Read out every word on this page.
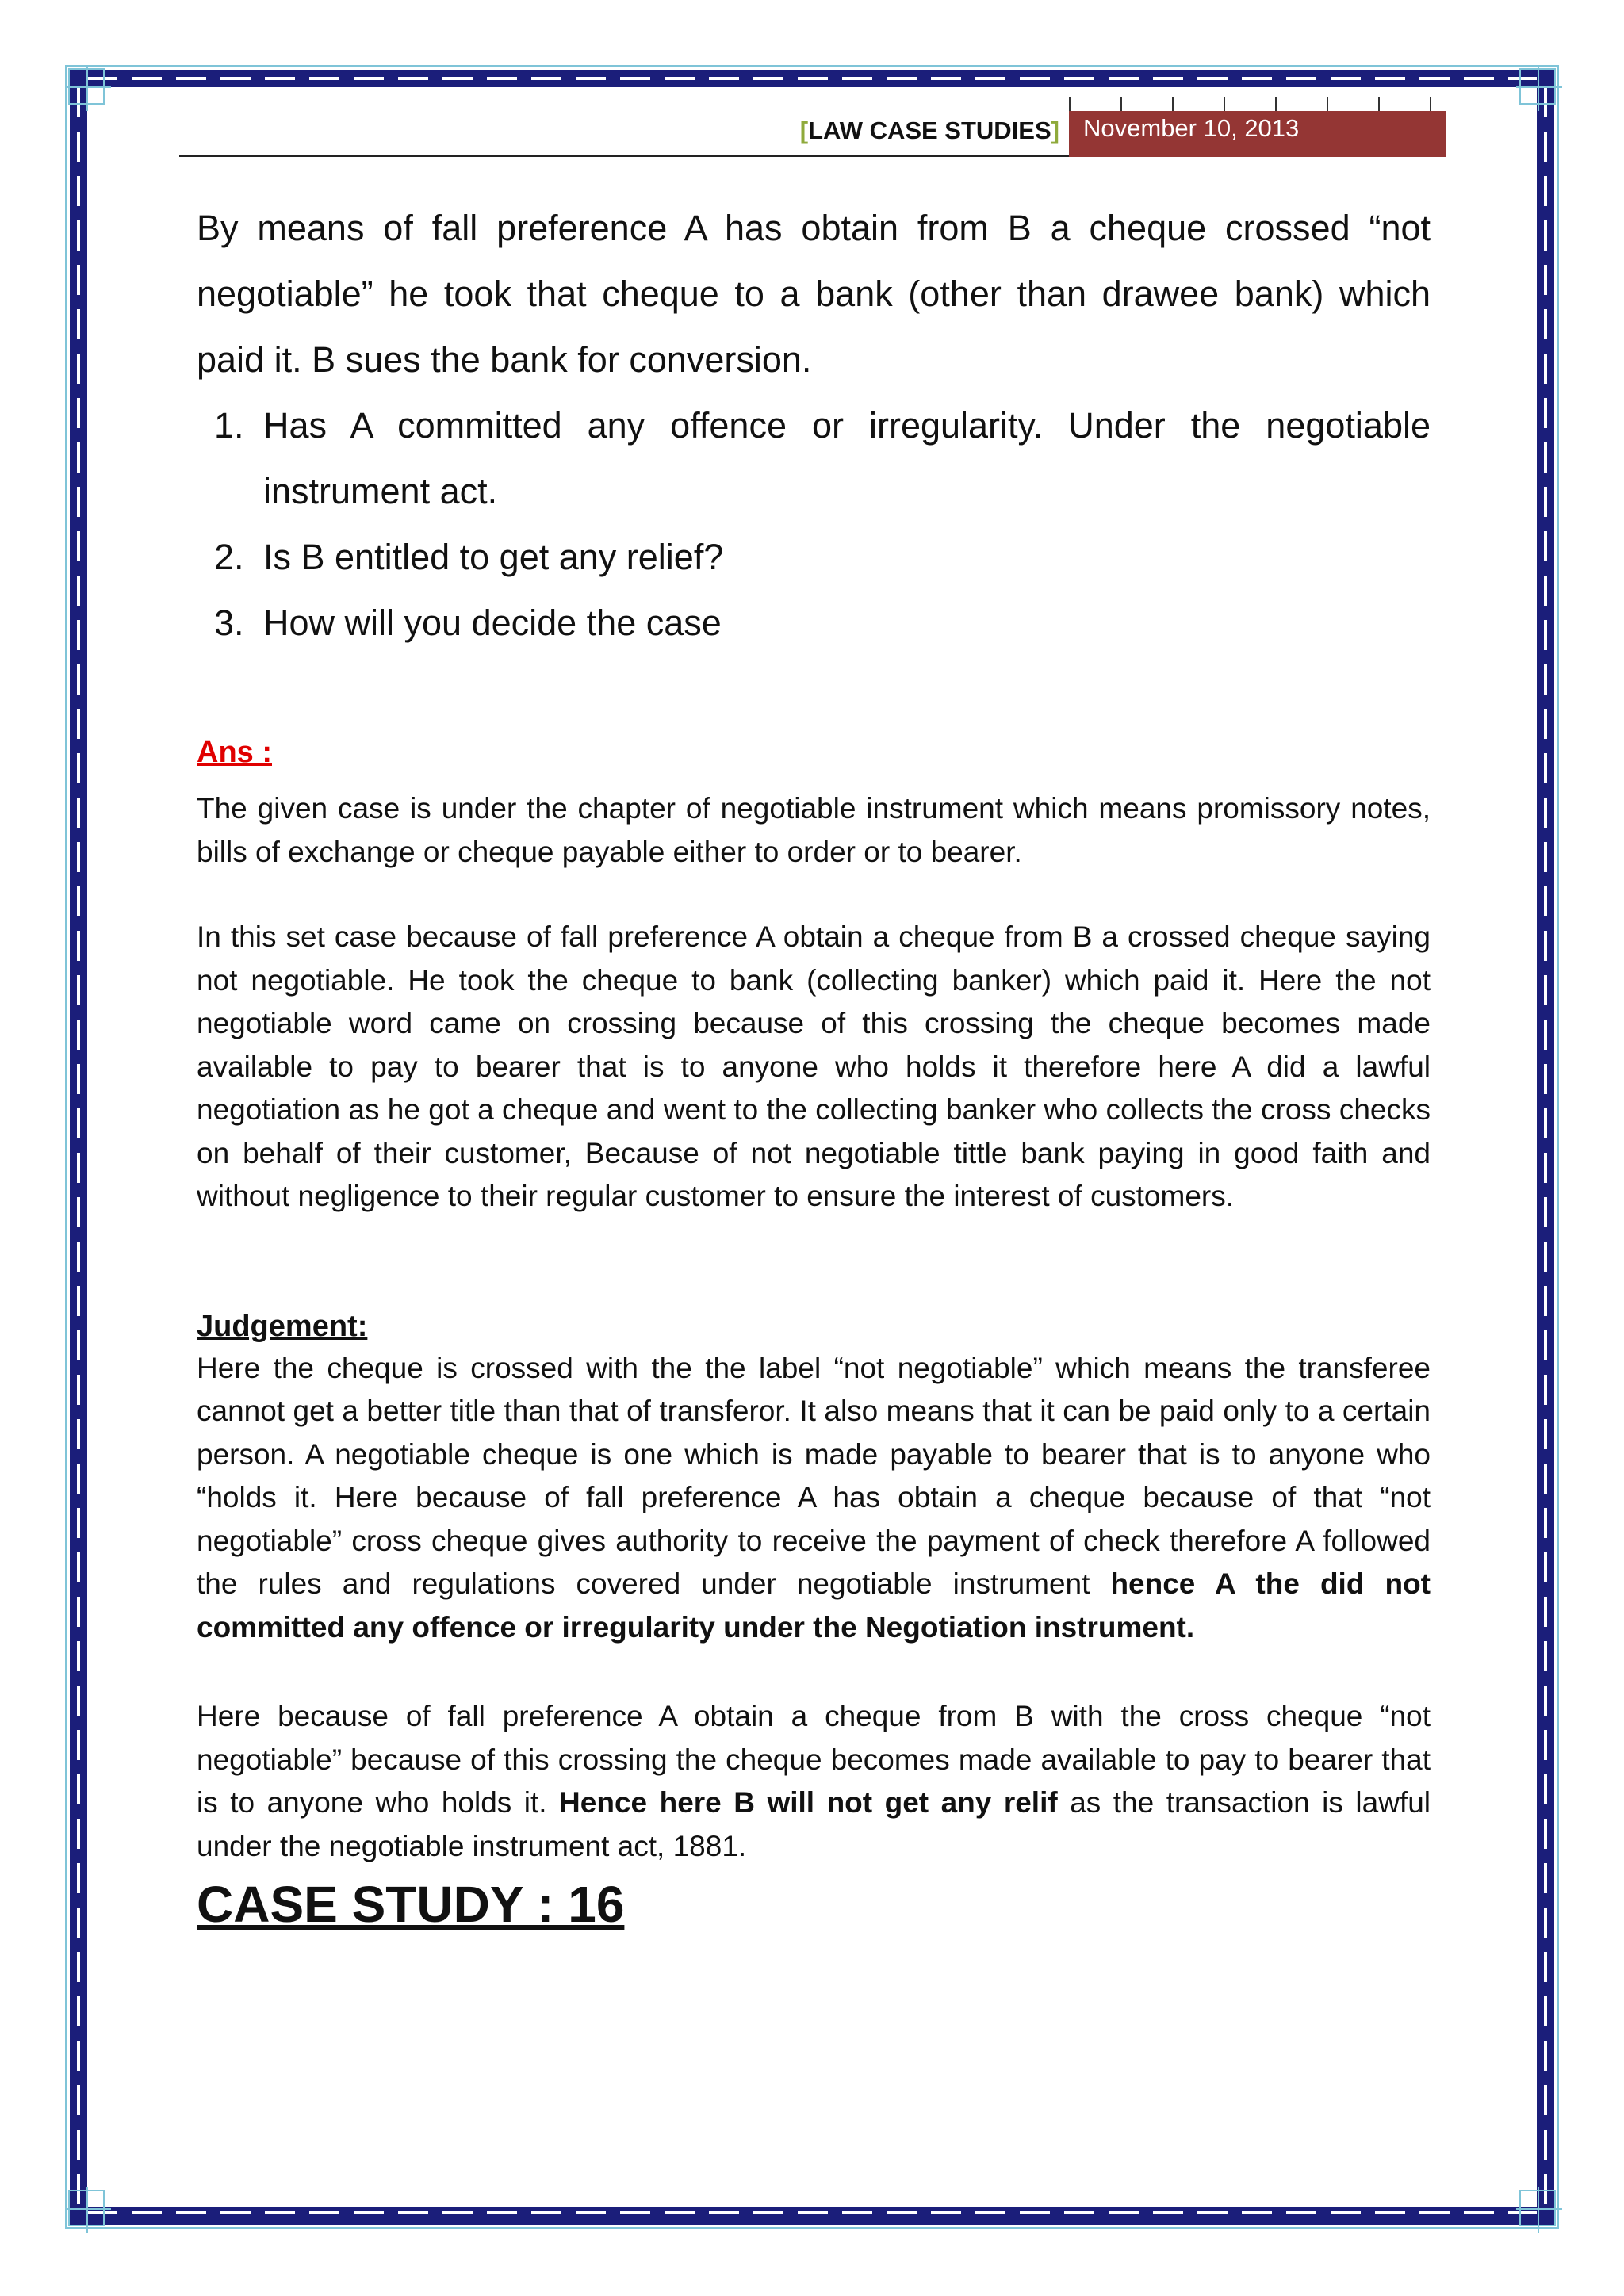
[LAW CASE STUDIES] November 10, 2013

By means of fall preference A has obtain from B a cheque crossed “not negotiable” he took that cheque to a bank (other than drawee bank) which paid it. B sues the bank for conversion.

1. Has A committed any offence or irregularity. Under the negotiable instrument act.
2. Is B entitled to get any relief?
3. How will you decide the case
Ans :

The given case is under the chapter of negotiable instrument which means promissory notes, bills of exchange or cheque payable either to order or to bearer.

In this set case because of fall preference A obtain a cheque from B a crossed cheque saying not negotiable. He took the cheque to bank (collecting banker) which paid it. Here the not negotiable word came on crossing because of this crossing the cheque becomes made available to pay to bearer that is to anyone who holds it therefore here A did a lawful negotiation as he got a cheque and went to the collecting banker who collects the cross checks on behalf of their customer, Because of not negotiable tittle bank paying in good faith and without negligence to their regular customer to ensure the interest of customers.

Judgement:

Here the cheque is crossed with the the label “not negotiable” which means the transferee cannot get a better title than that of transferor. It also means that it can be paid only to a certain person. A negotiable cheque is one which is made payable to bearer that is to anyone who “holds it. Here because of fall preference A has obtain a cheque because of that “not negotiable” cross cheque gives authority to receive the payment of check therefore A followed the rules and regulations covered under negotiable instrument hence A the did not committed any offence or irregularity under the Negotiation instrument.

Here because of fall preference A obtain a cheque from B with the cross cheque “not negotiable” because of this crossing the cheque becomes made available to pay to bearer that is to anyone who holds it. Hence here B will not get any relif as the transaction is lawful under the negotiable instrument act, 1881.

CASE STUDY : 16
